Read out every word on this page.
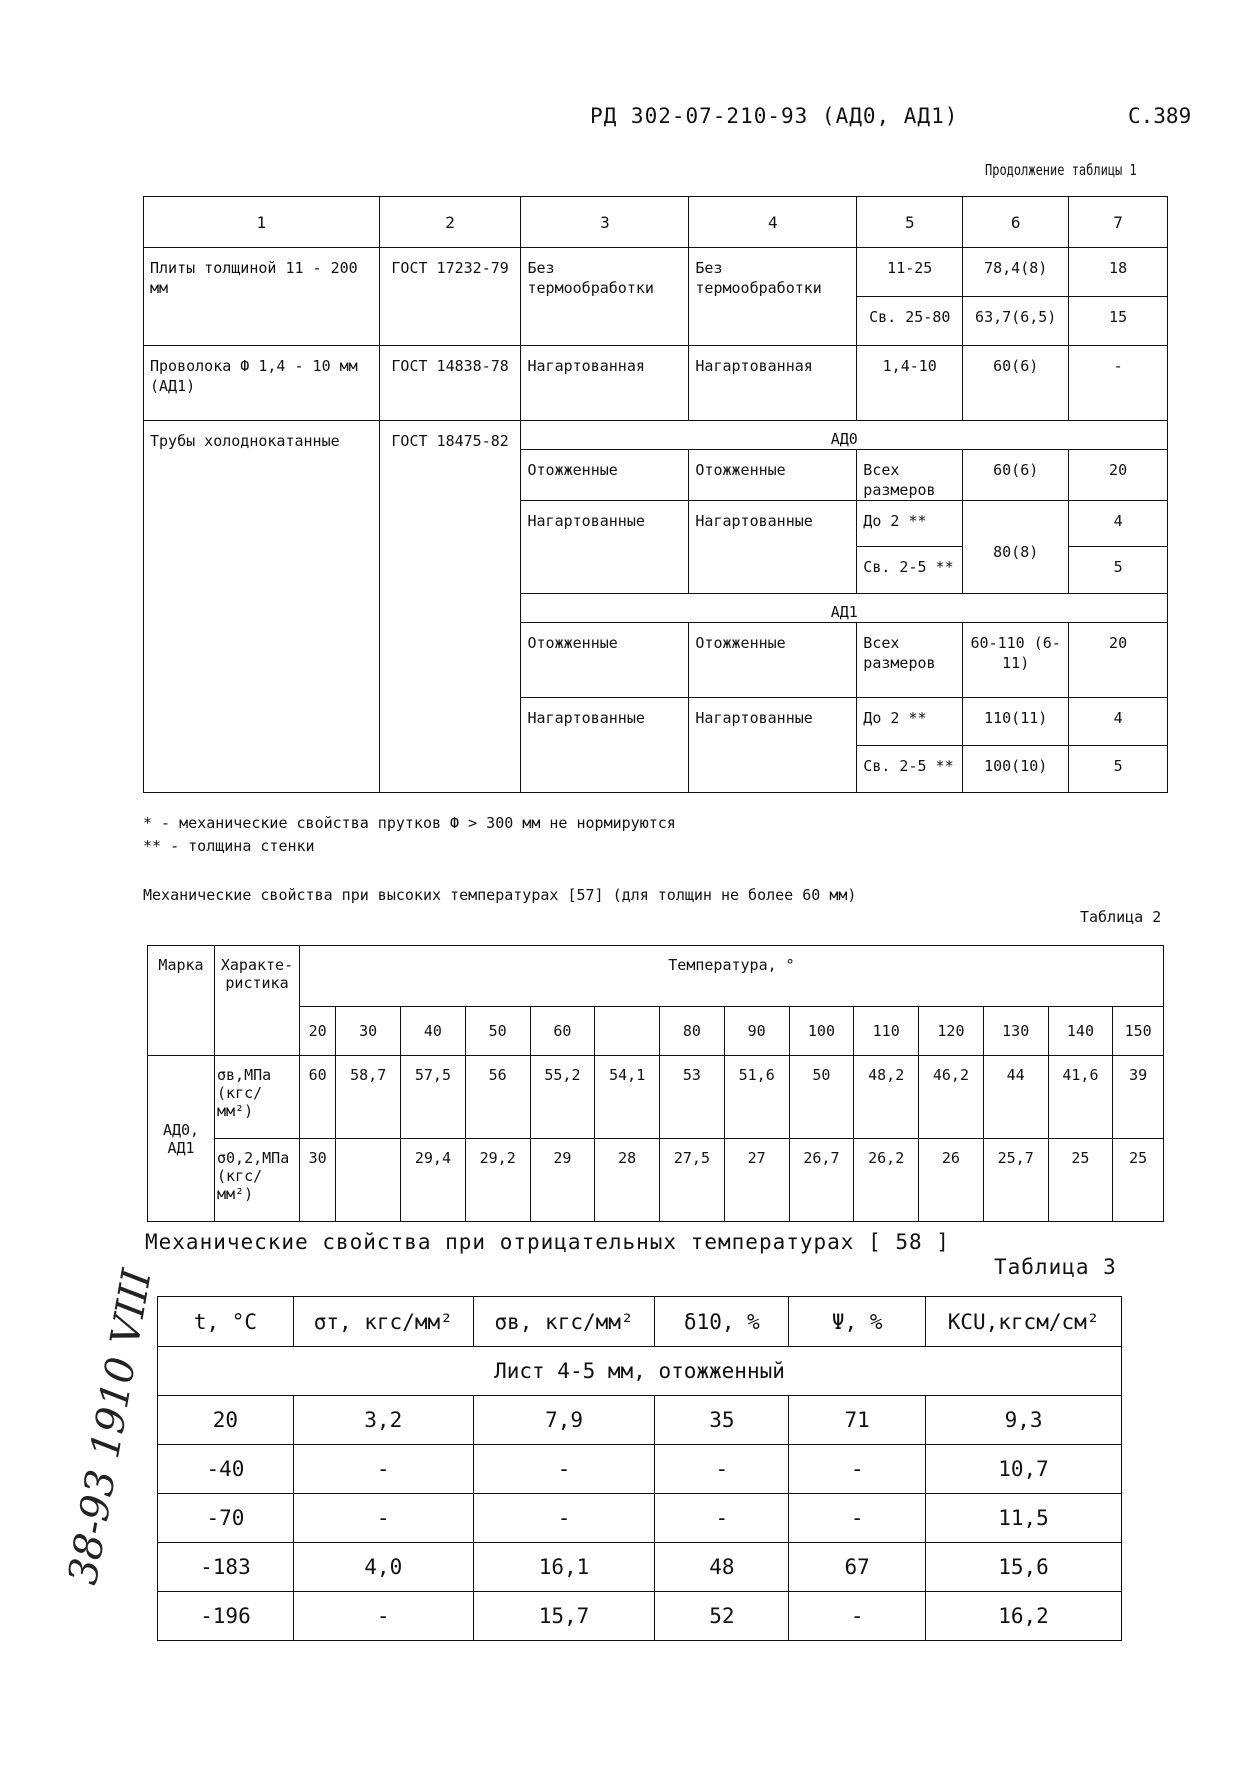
РД 302-07-210-93 (АД0, АД1)	С.389
Продолжение таблицы 1
1	2	3	4	5	6	7
Плиты толщиной 11 - 200 мм	ГОСТ 17232-79	Без термообработки	Без термообработки	11-25	78,4(8)	18
				Св. 25-80	63,7(6,5)	15
Проволока Ф 1,4 - 10 мм (АД1)	ГОСТ 14838-78	Нагартованная	Нагартованная	1,4-10	60(6)	-
Трубы холоднокатанные	ГОСТ 18475-82	АД0				
		Отожженные	Отожженные	Всех размеров	60(6)	20
		Нагартованные	Нагартованные	До 2 **	80(8)	4
				Св. 2-5 **		5
		АД1				
		Отожженные	Отожженные	Всех размеров	60-110 (6-11)	20
		Нагартованные	Нагартованные	До 2 **	110(11)	4
				Св. 2-5 **	100(10)	5
* - механические свойства прутков Ф > 300 мм не нормируются
** - толщина стенки
Механические свойства при высоких температурах [57] (для толщин не более 60 мм)
Таблица 2
Марка	Характе-ристика	Температура, °													
		20	30	40	50	60		80	90	100	110	120	130	140	150
АД0, АД1	σв,МПа (кгс/мм²)	60	58,7	57,5	56	55,2	54,1	53	51,6	50	48,2	46,2	44	41,6	39
	σ0,2,МПа (кгс/мм²)	30		29,4	29,2	29	28	27,5	27	26,7	26,2	26	25,7	25	25
Механические свойства при отрицательных температурах [ 58 ]
Таблица 3
t, °С	σт, кгс/мм²	σв, кгс/мм²	δ10, %	Ψ, %	KCU,кгсм/см²
Лист 4-5 мм, отожженный					
20	3,2	7,9	35	71	9,3
-40	-	-	-	-	10,7
-70	-	-	-	-	11,5
-183	4,0	16,1	48	67	15,6
-196	-	15,7	52	-	16,2
38-93 1910 VIII
